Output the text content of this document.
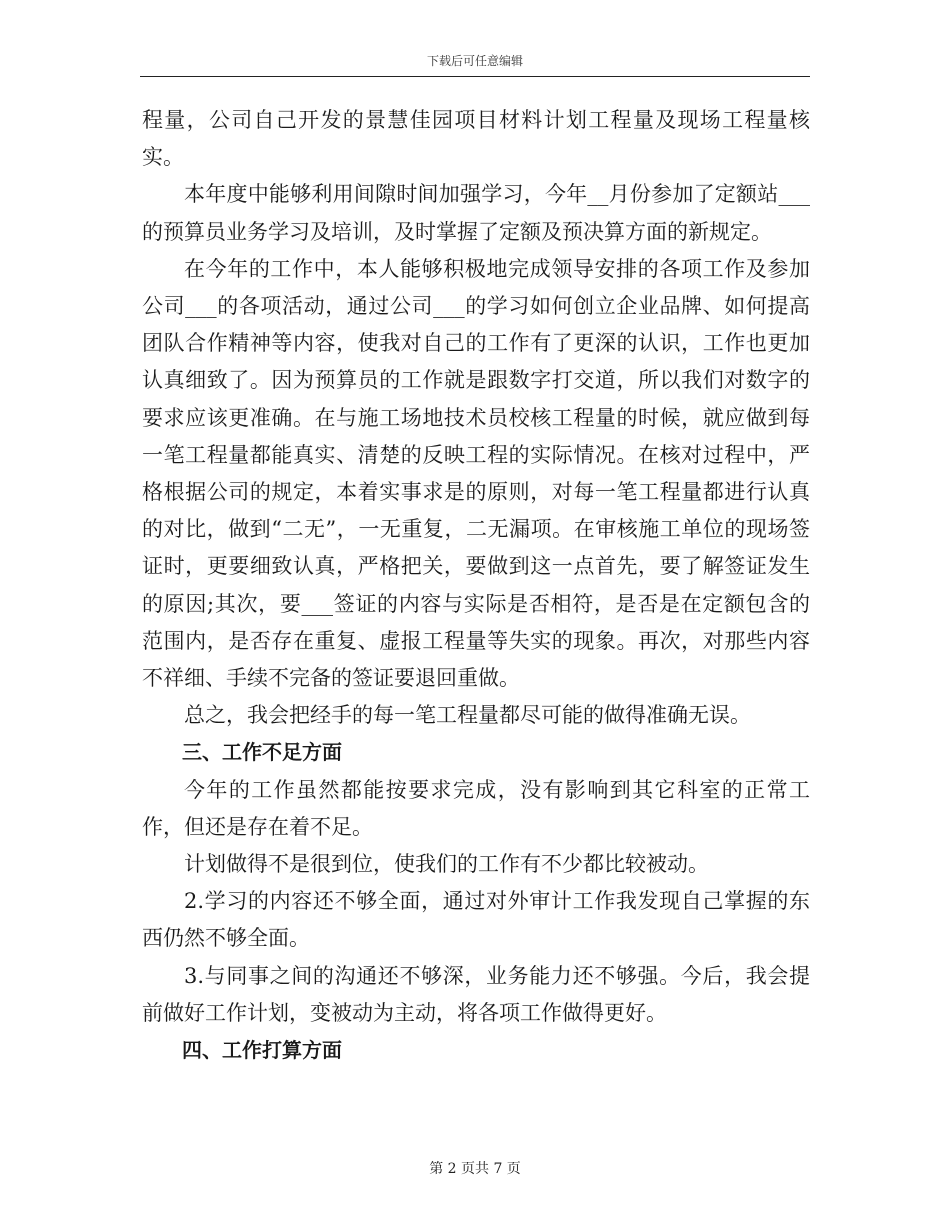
下载后可任意编辑

程量，公司自己开发的景慧佳园项目材料计划工程量及现场工程量核实。

本年度中能够利用间隙时间加强学习，今年__月份参加了定额站___的预算员业务学习及培训，及时掌握了定额及预决算方面的新规定。

在今年的工作中，本人能够积极地完成领导安排的各项工作及参加公司___的各项活动，通过公司___的学习如何创立企业品牌、如何提高团队合作精神等内容，使我对自己的工作有了更深的认识，工作也更加认真细致了。因为预算员的工作就是跟数字打交道，所以我们对数字的要求应该更准确。在与施工场地技术员校核工程量的时候，就应做到每一笔工程量都能真实、清楚的反映工程的实际情况。在核对过程中，严格根据公司的规定，本着实事求是的原则，对每一笔工程量都进行认真的对比，做到“二无”，一无重复，二无漏项。在审核施工单位的现场签证时，更要细致认真，严格把关，要做到这一点首先，要了解签证发生的原因;其次，要___签证的内容与实际是否相符，是否是在定额包含的范围内，是否存在重复、虚报工程量等失实的现象。再次，对那些内容不祥细、手续不完备的签证要退回重做。

总之，我会把经手的每一笔工程量都尽可能的做得准确无误。

三、工作不足方面

今年的工作虽然都能按要求完成，没有影响到其它科室的正常工作，但还是存在着不足。

计划做得不是很到位，使我们的工作有不少都比较被动。

2.学习的内容还不够全面，通过对外审计工作我发现自己掌握的东西仍然不够全面。

3.与同事之间的沟通还不够深，业务能力还不够强。今后，我会提前做好工作计划，变被动为主动，将各项工作做得更好。

四、工作打算方面

第 2 页共 7 页
